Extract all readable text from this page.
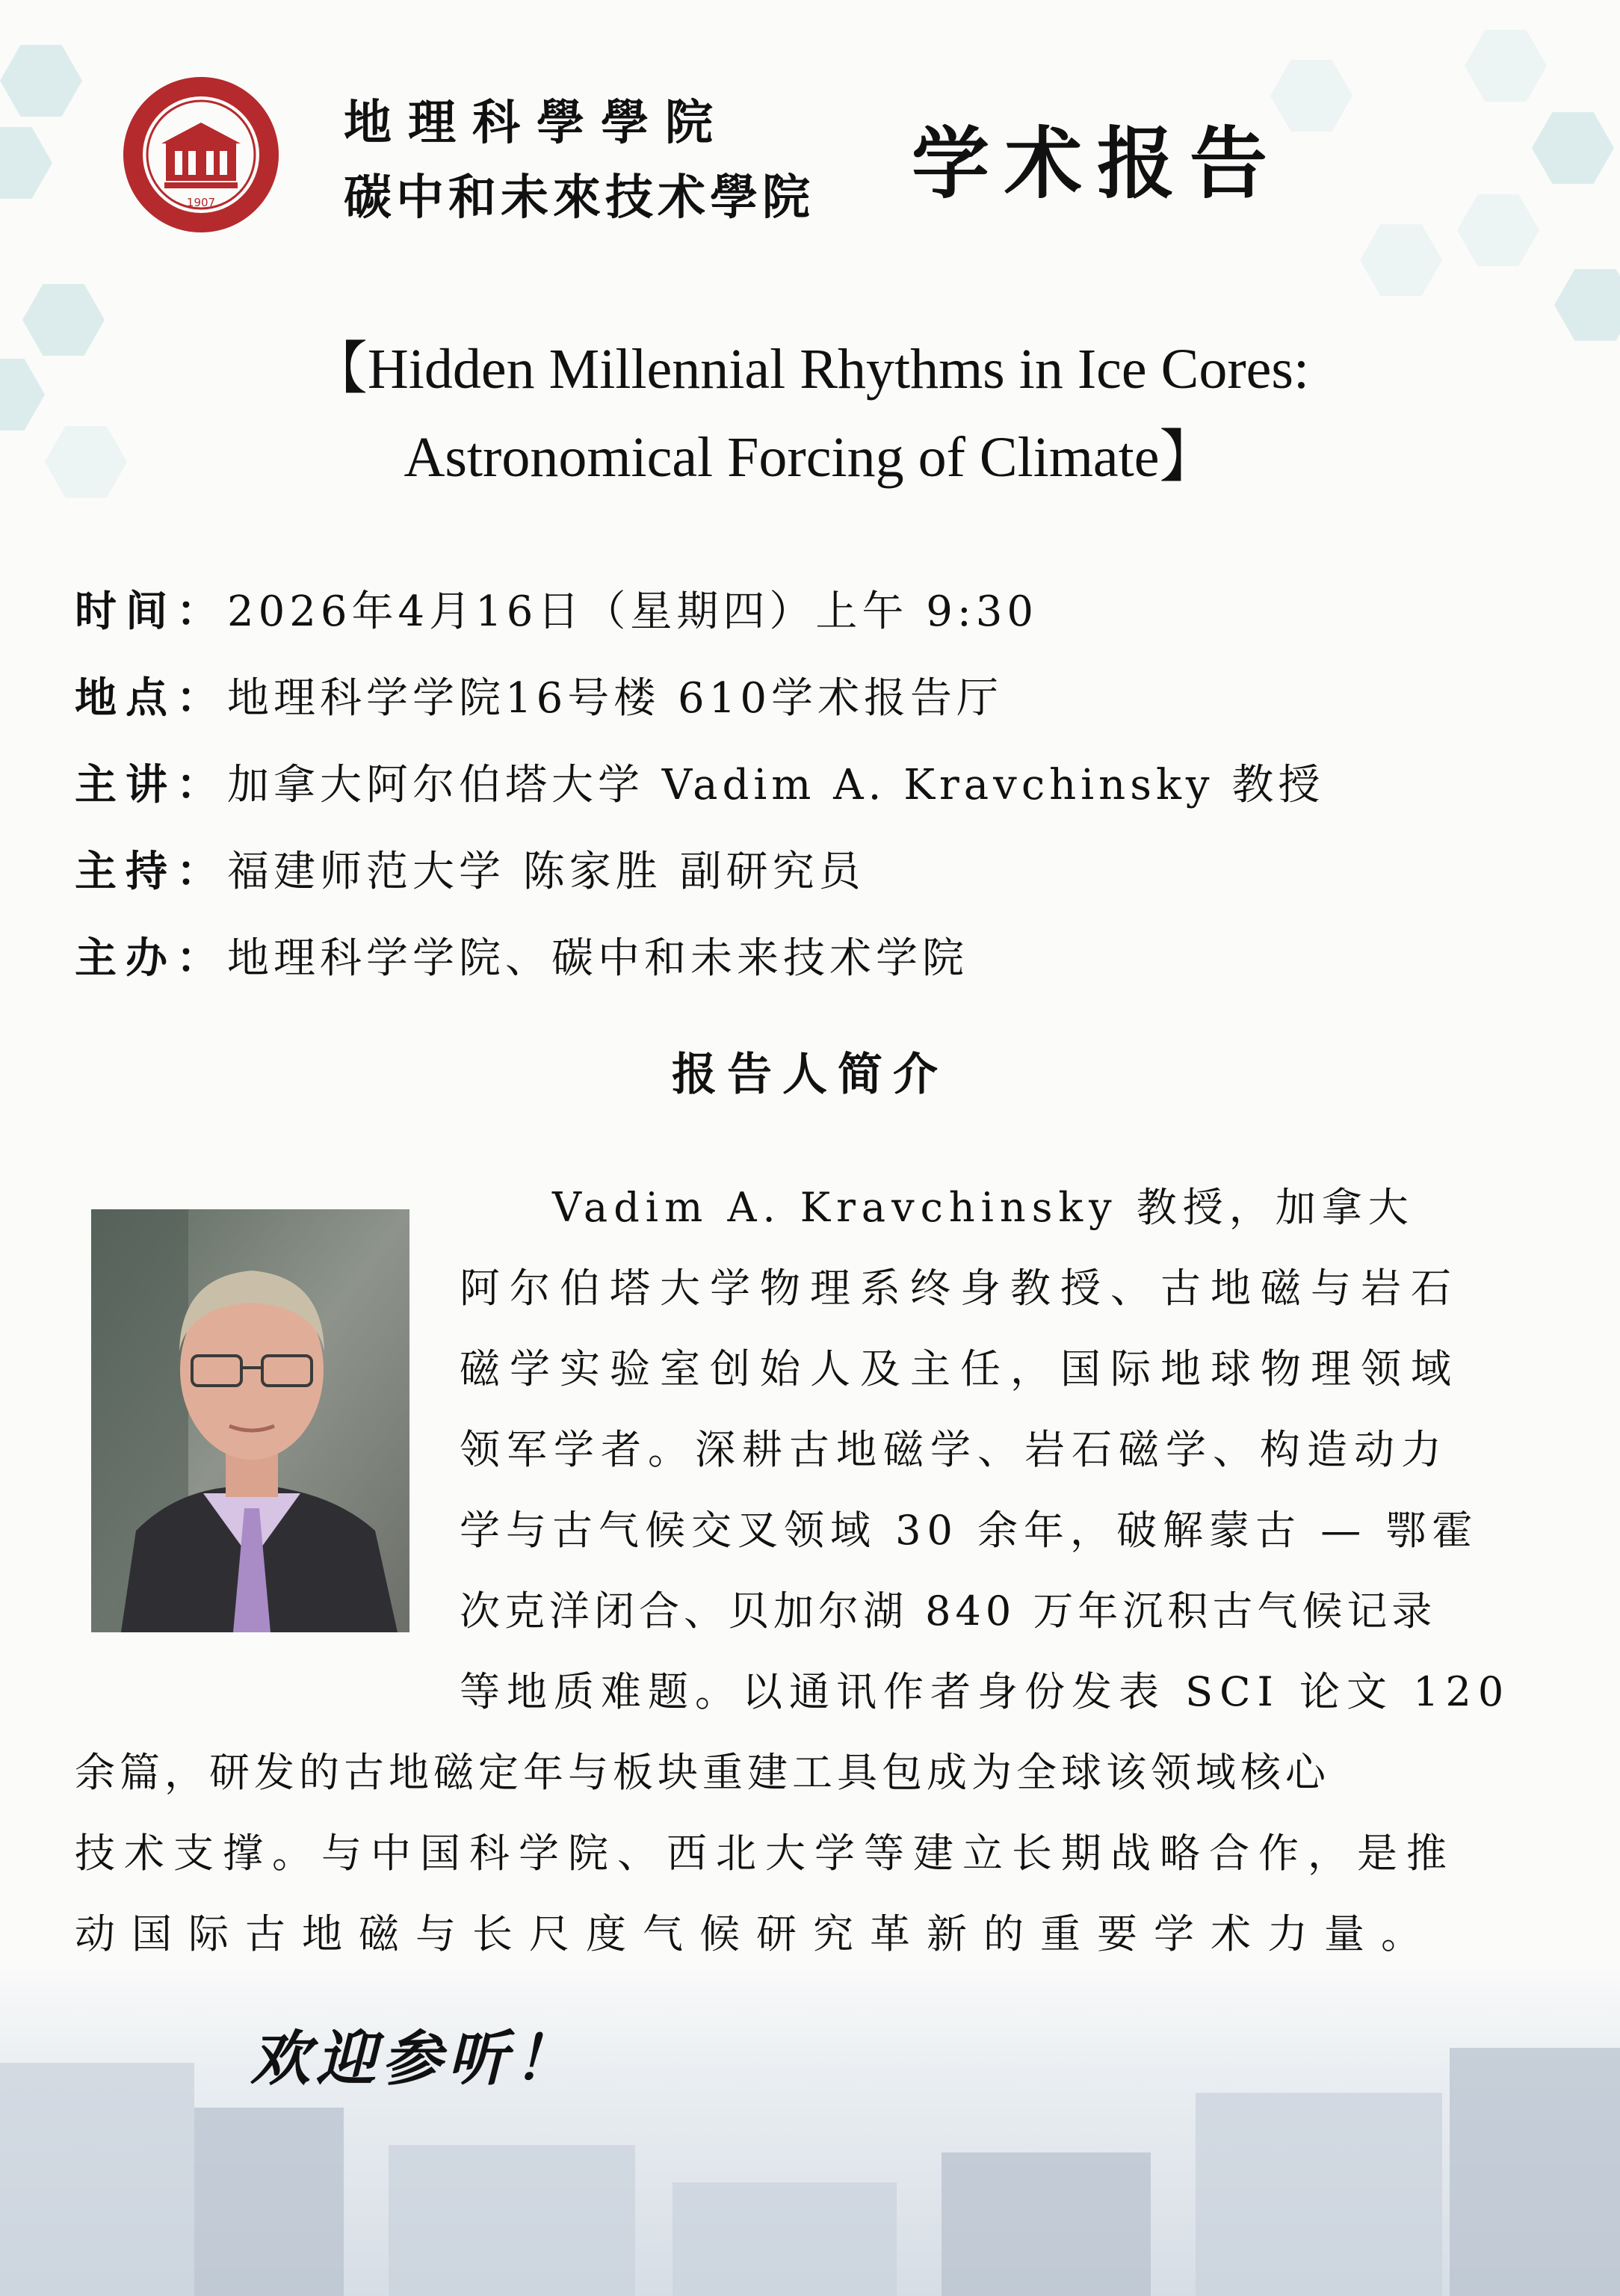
1907
地理科學學院
碳中和未來技术學院 学术报告
【Hidden Millennial Rhythms in Ice Cores:
Astronomical Forcing of Climate】
时间：2026年4月16日（星期四）上午 9:30
地点：地理科学学院16号楼 610学术报告厅
主讲：加拿大阿尔伯塔大学 Vadim A. Kravchinsky 教授
主持：福建师范大学 陈家胜 副研究员
主办：地理科学学院、碳中和未来技术学院
报告人简介
　　Vadim A. Kravchinsky 教授，加拿大
阿尔伯塔大学物理系终身教授、古地磁与岩石
磁学实验室创始人及主任，国际地球物理领域
领军学者。深耕古地磁学、岩石磁学、构造动力
学与古气候交叉领域 30 余年，破解蒙古 — 鄂霍
次克洋闭合、贝加尔湖 840 万年沉积古气候记录
等地质难题。以通讯作者身份发表 SCI 论文 120
余篇，研发的古地磁定年与板块重建工具包成为全球该领域核心
技术支撑。与中国科学院、西北大学等建立长期战略合作，是推
动国际古地磁与长尺度气候研究革新的重要学术力量。
欢迎参听！
